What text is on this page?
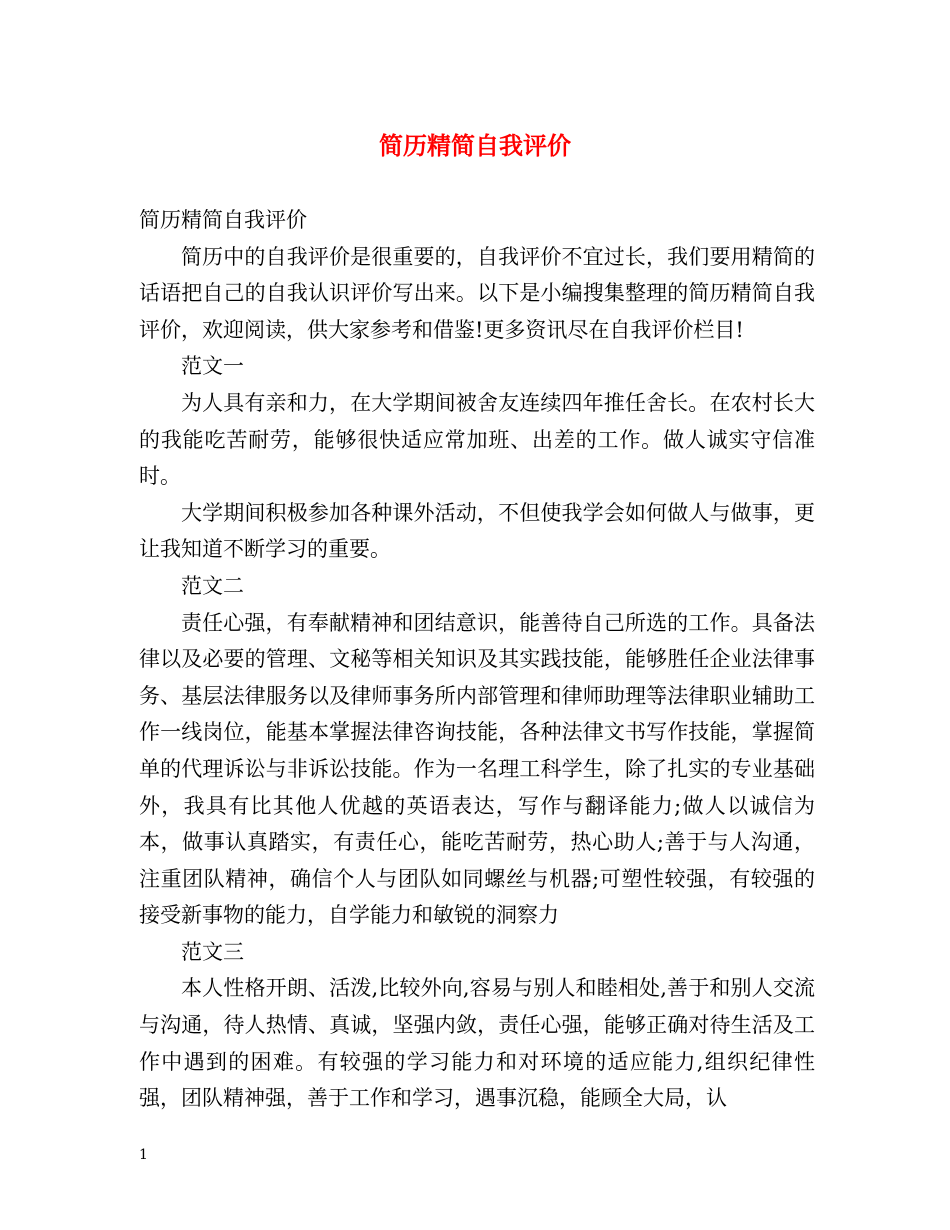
简历精简自我评价

简历精简自我评价

简历中的自我评价是很重要的，自我评价不宜过长，我们要用精简的话语把自己的自我认识评价写出来。以下是小编搜集整理的简历精简自我评价，欢迎阅读，供大家参考和借鉴!更多资讯尽在自我评价栏目!

范文一

为人具有亲和力，在大学期间被舍友连续四年推任舍长。在农村长大的我能吃苦耐劳，能够很快适应常加班、出差的工作。做人诚实守信准时。

大学期间积极参加各种课外活动，不但使我学会如何做人与做事，更让我知道不断学习的重要。

范文二

责任心强，有奉献精神和团结意识，能善待自己所选的工作。具备法律以及必要的管理、文秘等相关知识及其实践技能，能够胜任企业法律事务、基层法律服务以及律师事务所内部管理和律师助理等法律职业辅助工作一线岗位，能基本掌握法律咨询技能，各种法律文书写作技能，掌握简单的代理诉讼与非诉讼技能。作为一名理工科学生，除了扎实的专业基础外，我具有比其他人优越的英语表达，写作与翻译能力;做人以诚信为本，做事认真踏实，有责任心，能吃苦耐劳，热心助人;善于与人沟通，注重团队精神，确信个人与团队如同螺丝与机器;可塑性较强，有较强的接受新事物的能力，自学能力和敏锐的洞察力

范文三

本人性格开朗、活泼,比较外向,容易与别人和睦相处,善于和别人交流与沟通，待人热情、真诚，坚强内敛，责任心强，能够正确对待生活及工作中遇到的困难。有较强的学习能力和对环境的适应能力,组织纪律性强，团队精神强，善于工作和学习，遇事沉稳，能顾全大局，认

1
